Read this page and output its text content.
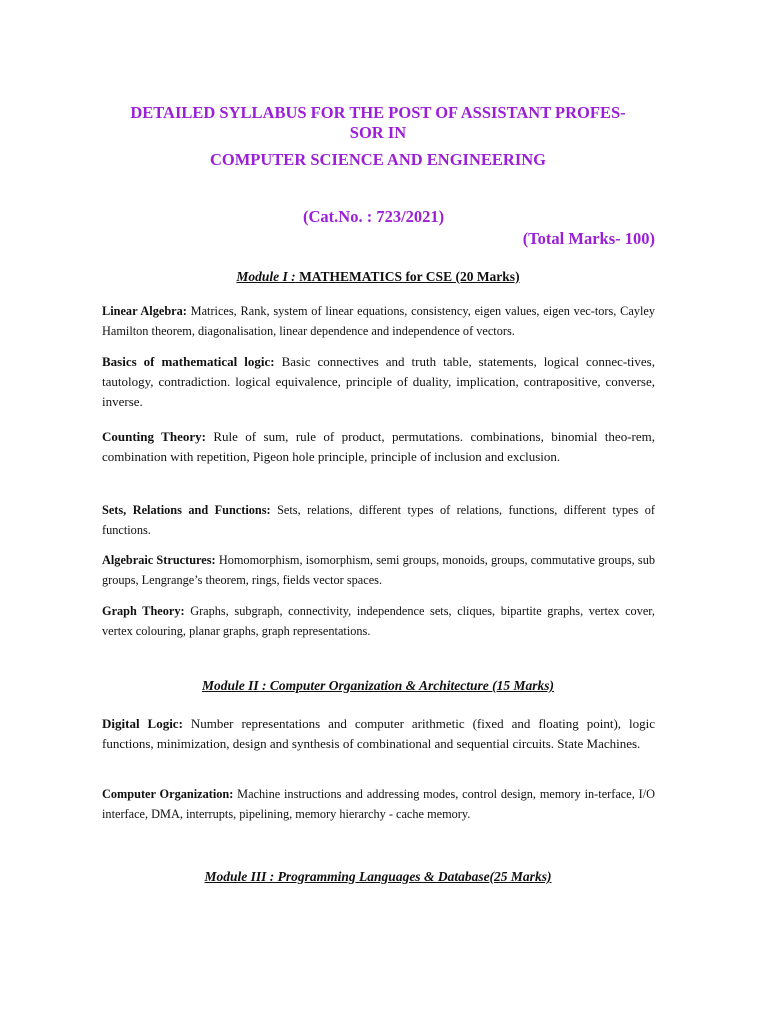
DETAILED SYLLABUS FOR THE POST OF ASSISTANT PROFES-

SOR IN

COMPUTER SCIENCE AND ENGINEERING

(Cat.No. : 723/2021)

(Total Marks- 100)

Module I : MATHEMATICS for CSE (20 Marks)

Linear Algebra: Matrices, Rank, system of linear equations, consistency, eigen values, eigen vec-tors, Cayley Hamilton theorem, diagonalisation, linear dependence and independence of vectors.

Basics of mathematical logic: Basic connectives and truth table, statements, logical connec-tives, tautology, contradiction. logical equivalence, principle of duality, implication, contrapositive, converse, inverse.

Counting Theory: Rule of sum, rule of product, permutations. combinations, binomial theo-rem, combination with repetition, Pigeon hole principle, principle of inclusion and exclusion.

Sets, Relations and Functions: Sets, relations, different types of relations, functions, different types of functions.

Algebraic Structures: Homomorphism, isomorphism, semi groups, monoids, groups, commutative groups, sub groups, Lengrange’s theorem, rings, fields vector spaces.

Graph Theory: Graphs, subgraph, connectivity, independence sets, cliques, bipartite graphs, vertex cover, vertex colouring, planar graphs, graph representations.

Module II : Computer Organization & Architecture (15 Marks)

Digital Logic: Number representations and computer arithmetic (fixed and floating point), logic functions, minimization, design and synthesis of combinational and sequential circuits. State Machines.

Computer Organization: Machine instructions and addressing modes, control design, memory in-terface, I/O interface, DMA, interrupts, pipelining, memory hierarchy - cache memory.

Module III : Programming Languages & Database(25 Marks)
